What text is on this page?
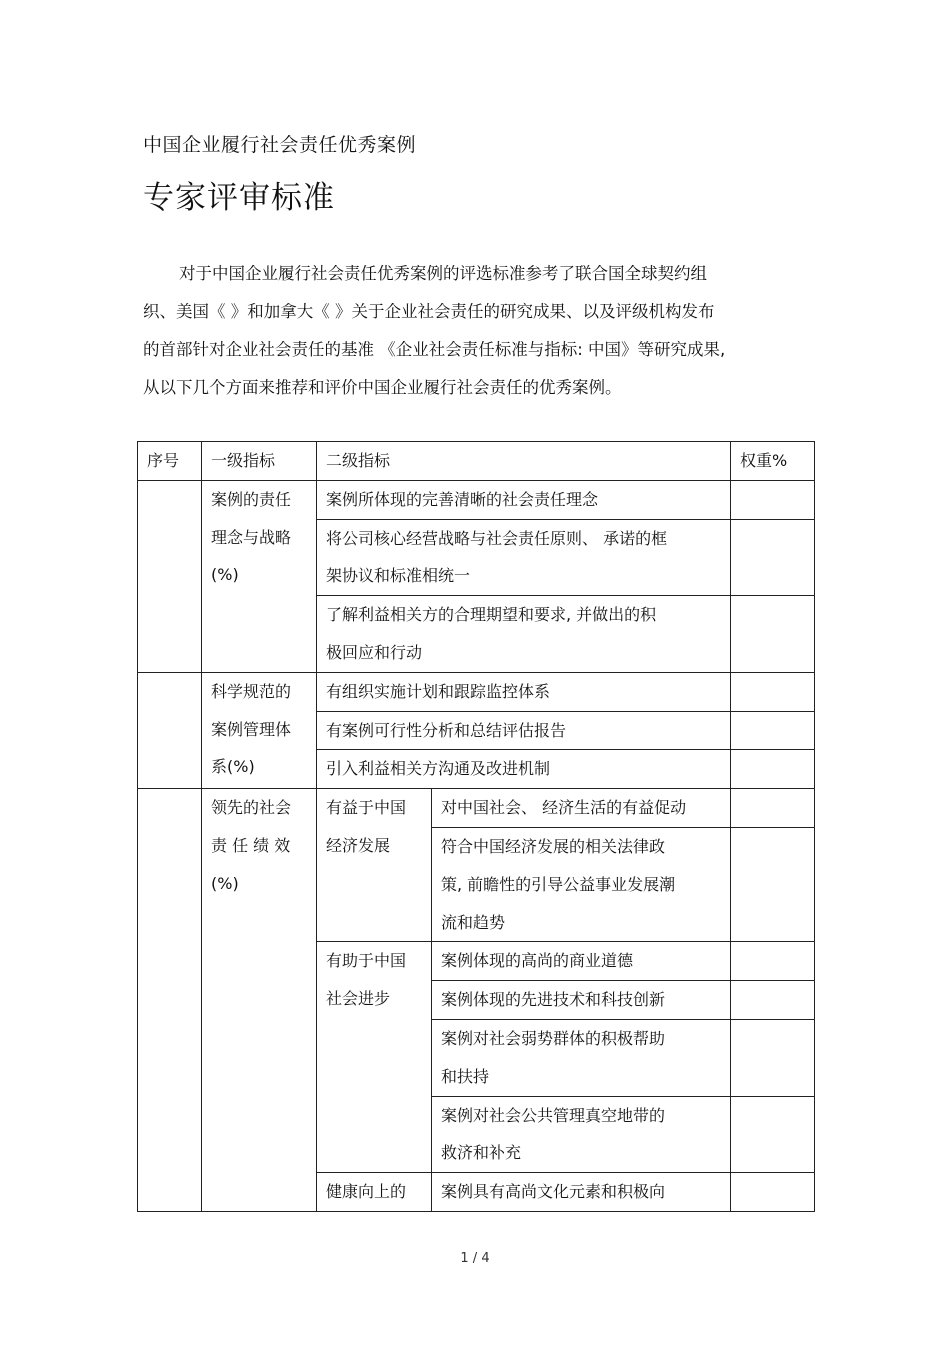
中国企业履行社会责任优秀案例
专家评审标准
对于中国企业履行社会责任优秀案例的评选标准参考了联合国全球契约组
织、美国《 》和加拿大《 》关于企业社会责任的研究成果、以及评级机构发布
的首部针对企业社会责任的基准 《企业社会责任标准与指标: 中国》等研究成果,
从以下几个方面来推荐和评价中国企业履行社会责任的优秀案例。
序号	一级指标	二级指标		权重%

	案例的责任
理念与战略
(%)	案例所体现的完善清晰的社会责任理念		

		将公司核心经营战略与社会责任原则、 承诺的框
架协议和标准相统一		

		了解利益相关方的合理期望和要求, 并做出的积
极回应和行动		

	科学规范的
案例管理体
系(%)	有组织实施计划和跟踪监控体系		

		有案例可行性分析和总结评估报告		

		引入利益相关方沟通及改进机制		

	领先的社会
责 任 绩 效
(%)	有益于中国
经济发展	对中国社会、 经济生活的有益促动	

			符合中国经济发展的相关法律政
策, 前瞻性的引导公益事业发展潮
流和趋势	

		有助于中国
社会进步	案例体现的高尚的商业道德	

			案例体现的先进技术和科技创新	

			案例对社会弱势群体的积极帮助
和扶持	

			案例对社会公共管理真空地带的
救济和补充	

		健康向上的	案例具有高尚文化元素和积极向	

1 / 4
